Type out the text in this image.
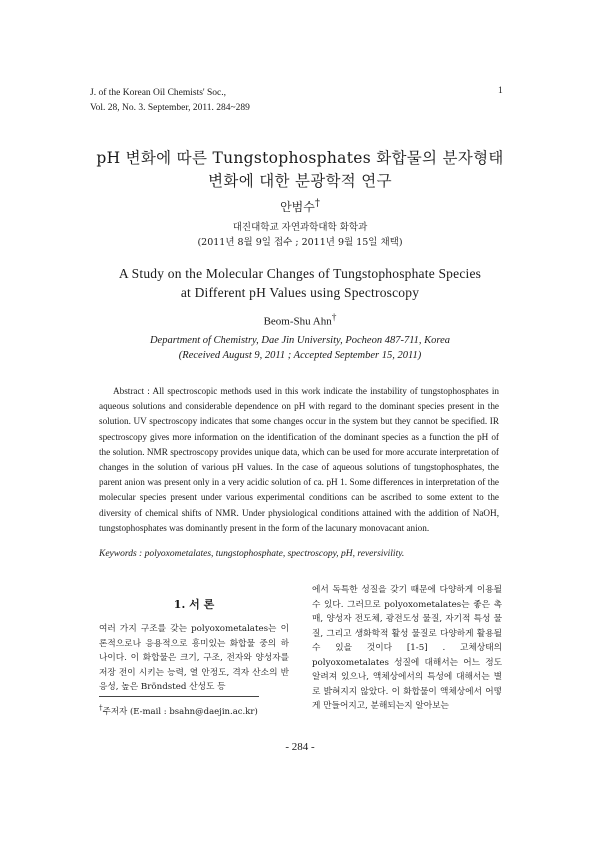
J. of the Korean Oil Chemists' Soc.,
Vol. 28, No. 3. September, 2011. 284~289
1
pH 변화에 따른 Tungstophosphates 화합물의 분자형태
변화에 대한 분광학적 연구
안범수†
대진대학교 자연과학대학 화학과
(2011년 8월 9일 접수 ; 2011년 9월 15일 채택)
A Study on the Molecular Changes of Tungstophosphate Species
at Different pH Values using Spectroscopy
Beom-Shu Ahn†
Department of Chemistry, Dae Jin University, Pocheon 487-711, Korea
(Received August 9, 2011 ; Accepted September 15, 2011)
Abstract : All spectroscopic methods used in this work indicate the instability of tungstophosphates in aqueous solutions and considerable dependence on pH with regard to the dominant species present in the solution. UV spectroscopy indicates that some changes occur in the system but they cannot be specified. IR spectroscopy gives more information on the identification of the dominant species as a function the pH of the solution. NMR spectroscopy provides unique data, which can be used for more accurate interpretation of changes in the solution of various pH values. In the case of aqueous solutions of tungstophosphates, the parent anion was present only in a very acidic solution of ca. pH 1. Some differences in interpretation of the molecular species present under various experimental conditions can be ascribed to some extent to the diversity of chemical shifts of NMR. Under physiological conditions attained with the addition of NaOH, tungstophosphates was dominantly present in the form of the lacunary monovacant anion.
Keywords : polyoxometalates, tungstophosphate, spectroscopy, pH, reversivility.
1. 서 론

여러 가지 구조를 갖는 polyoxometalates는 이론적으로나 응용적으로 흥미있는 화합물 중의 하나이다. 이 화합물은 크기, 구조, 전자와 양성자를 저장 전이 시키는 능력, 열 안정도, 격자 산소의 반응성, 높은 Bröndsted 산성도 등

에서 독특한 성질을 갖기 때문에 다양하게 이용될 수 있다. 그러므로 polyoxometalates는 좋은 촉매, 양성자 전도체, 광전도성 물질, 자기적 특성 물질, 그리고 생화학적 활성 물질로 다양하게 활용될 수 있을 것이다 [1-5] . 고체상태의 polyoxometalates 성질에 대해서는 어느 정도 알려져 있으나, 액체상에서의 특성에 대해서는 별로 밝혀지지 않았다. 이 화합물이 액체상에서 어떻게 만들어지고, 분해되는지 알아보는

†주저자 (E-mail : bsahn@daejin.ac.kr)
- 284 -
